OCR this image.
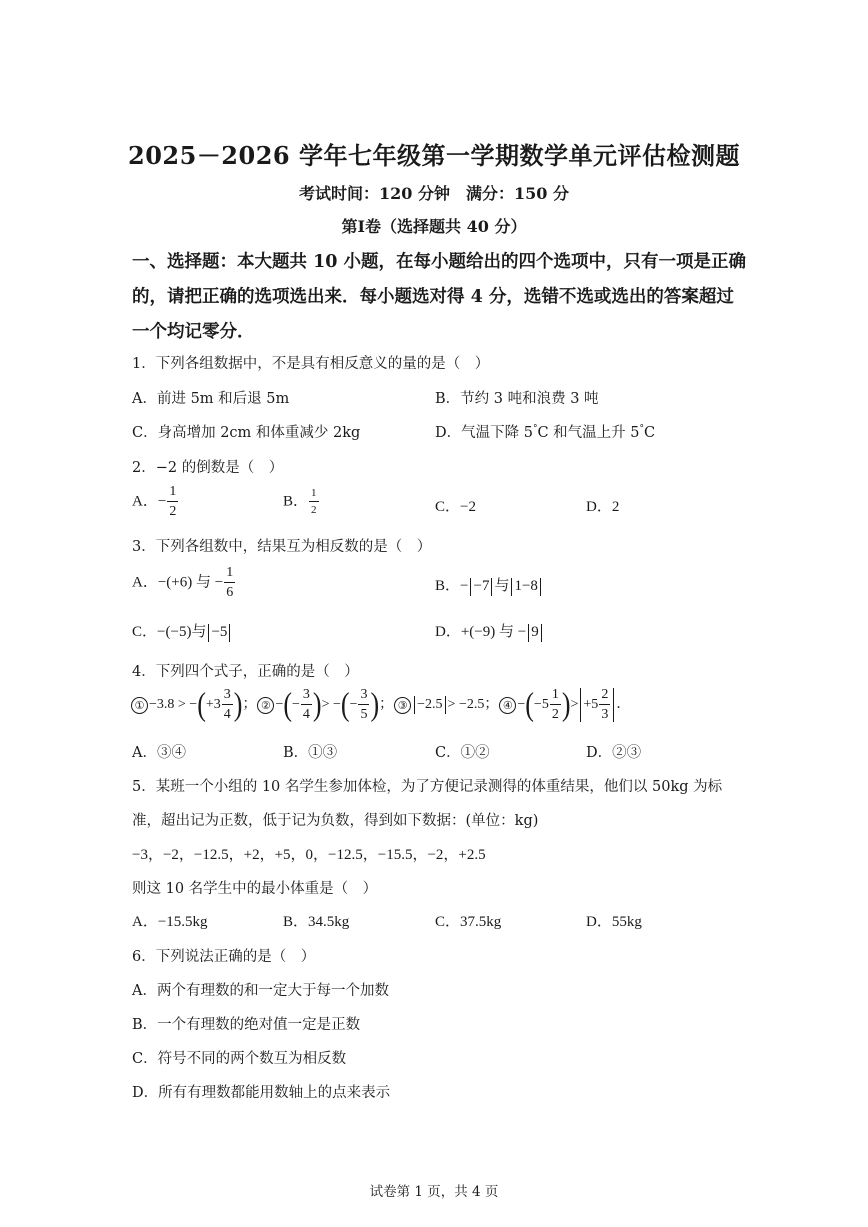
2025－2026 学年七年级第一学期数学单元评估检测题
考试时间：120 分钟　满分：150 分
第Ⅰ卷（选择题共 40 分）
一、选择题：本大题共 10 小题，在每小题给出的四个选项中，只有一项是正确
的，请把正确的选项选出来．每小题选对得 4 分，选错不选或选出的答案超过
一个均记零分．
1．下列各组数据中，不是具有相反意义的量的是（　）
A．前进 5m 和后退 5m	B．节约 3 吨和浪费 3 吨
C．身高增加 2cm 和体重减少 2kg	D．气温下降 5°C 和气温上升 5°C
2．−2 的倒数是（　）
A．− $\frac{1}{2}$	B． $\frac{1}{2}$	C．−2	D．2
3．下列各组数中，结果互为相反数的是（　）
A．−(+6) 与 − $\frac{1}{6}$	B．− −7 与 1−8
C．−(−5)与 −5	D．+(−9) 与 − 9
4．下列四个式子，正确的是（　）
① $-3.8 > -(+3 \frac{3}{4}$ )； ② −(− $\frac{3}{4}$ )> −(− $\frac{3}{5}$ )； ③ −2.5 > −2.5； ④ $-(-5 \frac{1}{2}$ )> $+5 \frac{2}{3}$ ．
A．③④	B．①③	C．①②	D．②③
5．某班一个小组的 10 名学生参加体检，为了方便记录测得的体重结果，他们以 50kg 为标
准，超出记为正数，低于记为负数，得到如下数据：(单位：kg)
−3，−2，−12.5，+2，+5，0，−12.5，−15.5，−2，+2.5
则这 10 名学生中的最小体重是（　）
A．−15.5kg	B．34.5kg	C．37.5kg	D．55kg
6．下列说法正确的是（　）
A．两个有理数的和一定大于每一个加数
B．一个有理数的绝对值一定是正数
C．符号不同的两个数互为相反数
D．所有有理数都能用数轴上的点来表示
试卷第 1 页，共 4 页
